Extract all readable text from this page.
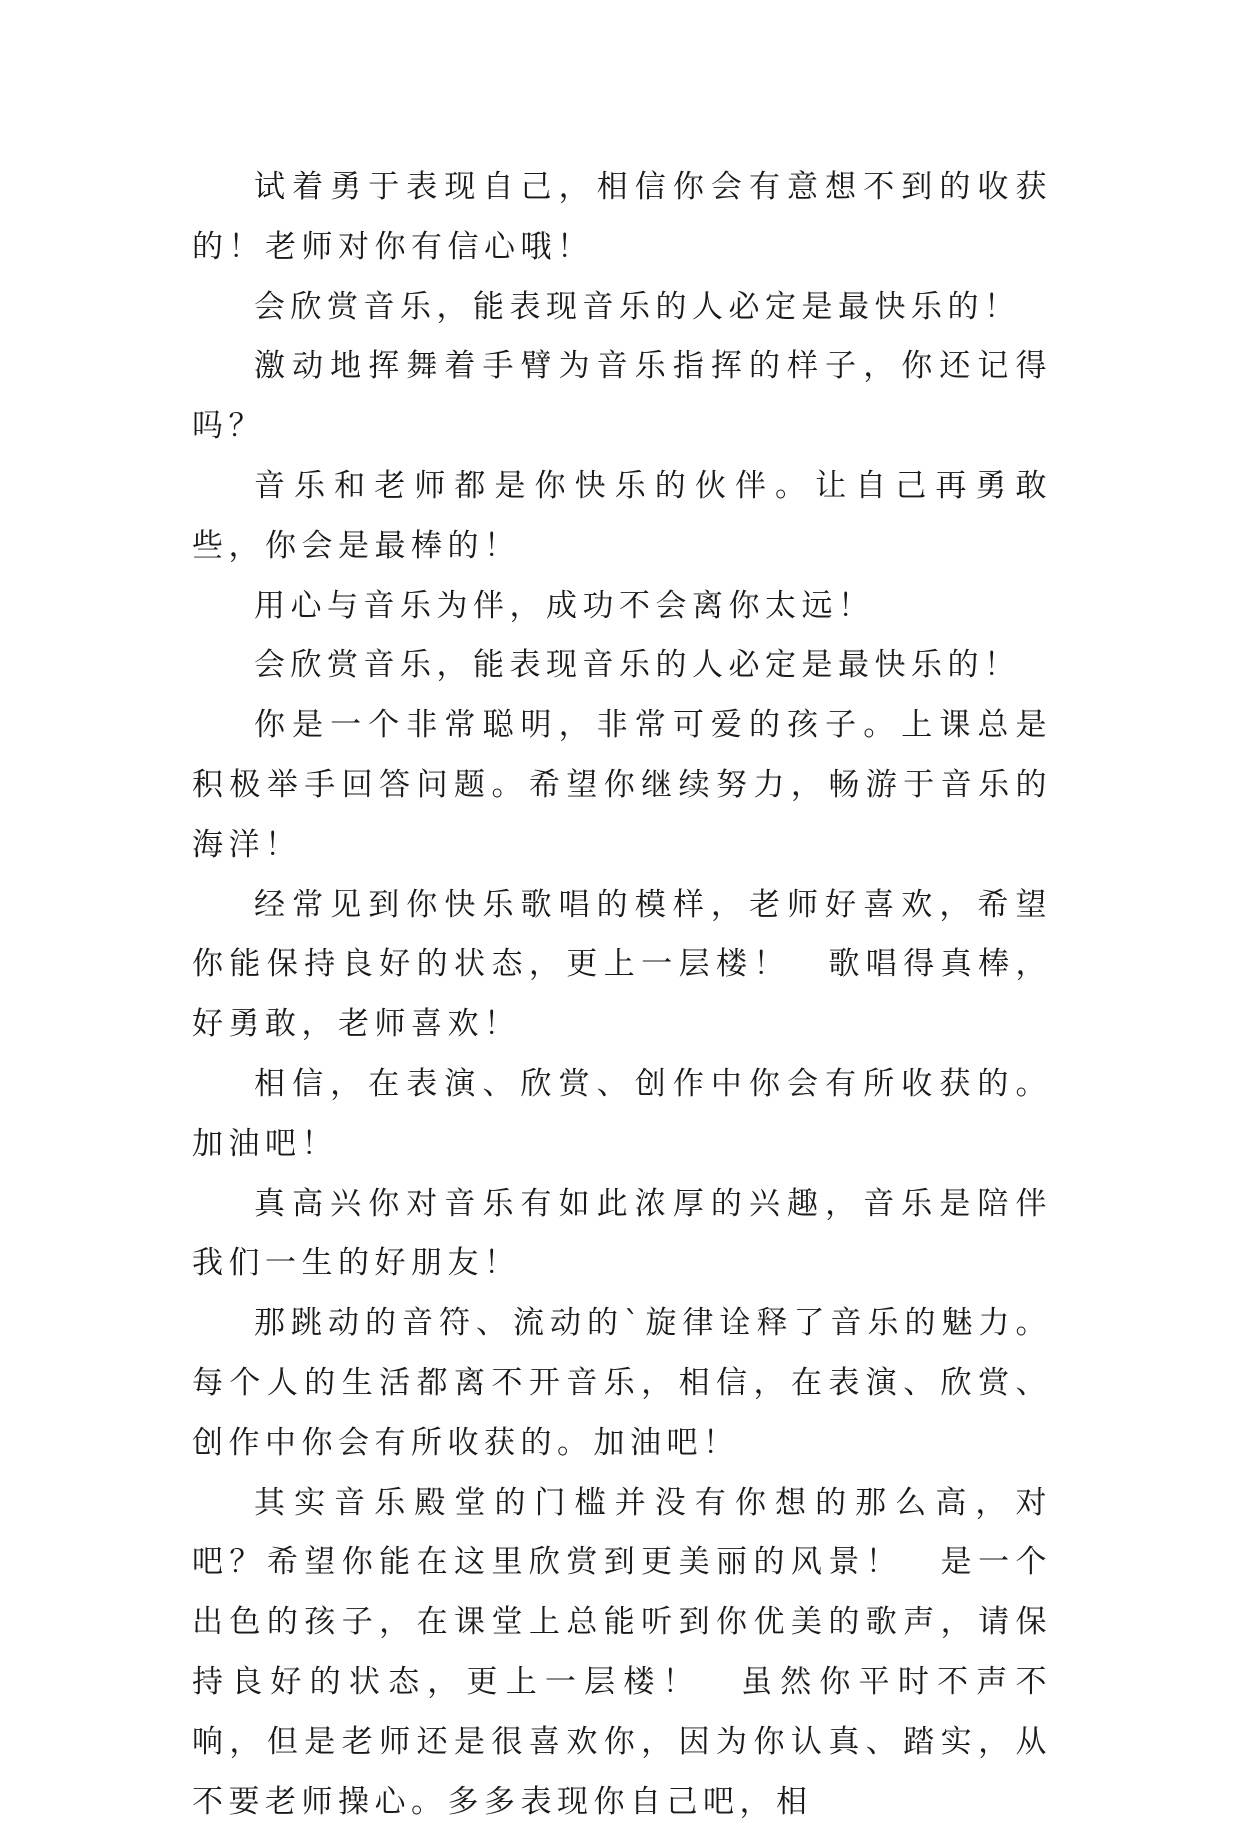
试着勇于表现自己，相信你会有意想不到的收获的！老师对你有信心哦！

会欣赏音乐，能表现音乐的人必定是最快乐的！

激动地挥舞着手臂为音乐指挥的样子，你还记得吗？

音乐和老师都是你快乐的伙伴。让自己再勇敢些，你会是最棒的！

用心与音乐为伴，成功不会离你太远！

会欣赏音乐，能表现音乐的人必定是最快乐的！

你是一个非常聪明，非常可爱的孩子。上课总是积极举手回答问题。希望你继续努力，畅游于音乐的海洋！

经常见到你快乐歌唱的模样，老师好喜欢，希望你能保持良好的状态，更上一层楼！　歌唱得真棒，好勇敢，老师喜欢！

相信，在表演、欣赏、创作中你会有所收获的。加油吧！

真高兴你对音乐有如此浓厚的兴趣，音乐是陪伴我们一生的好朋友！

那跳动的音符、流动的`旋律诠释了音乐的魅力。每个人的生活都离不开音乐，相信，在表演、欣赏、创作中你会有所收获的。加油吧！

其实音乐殿堂的门槛并没有你想的那么高，对吧？希望你能在这里欣赏到更美丽的风景！　是一个出色的孩子，在课堂上总能听到你优美的歌声，请保持良好的状态，更上一层楼！　虽然你平时不声不响，但是老师还是很喜欢你，因为你认真、踏实，从不要老师操心。多多表现你自己吧，相
